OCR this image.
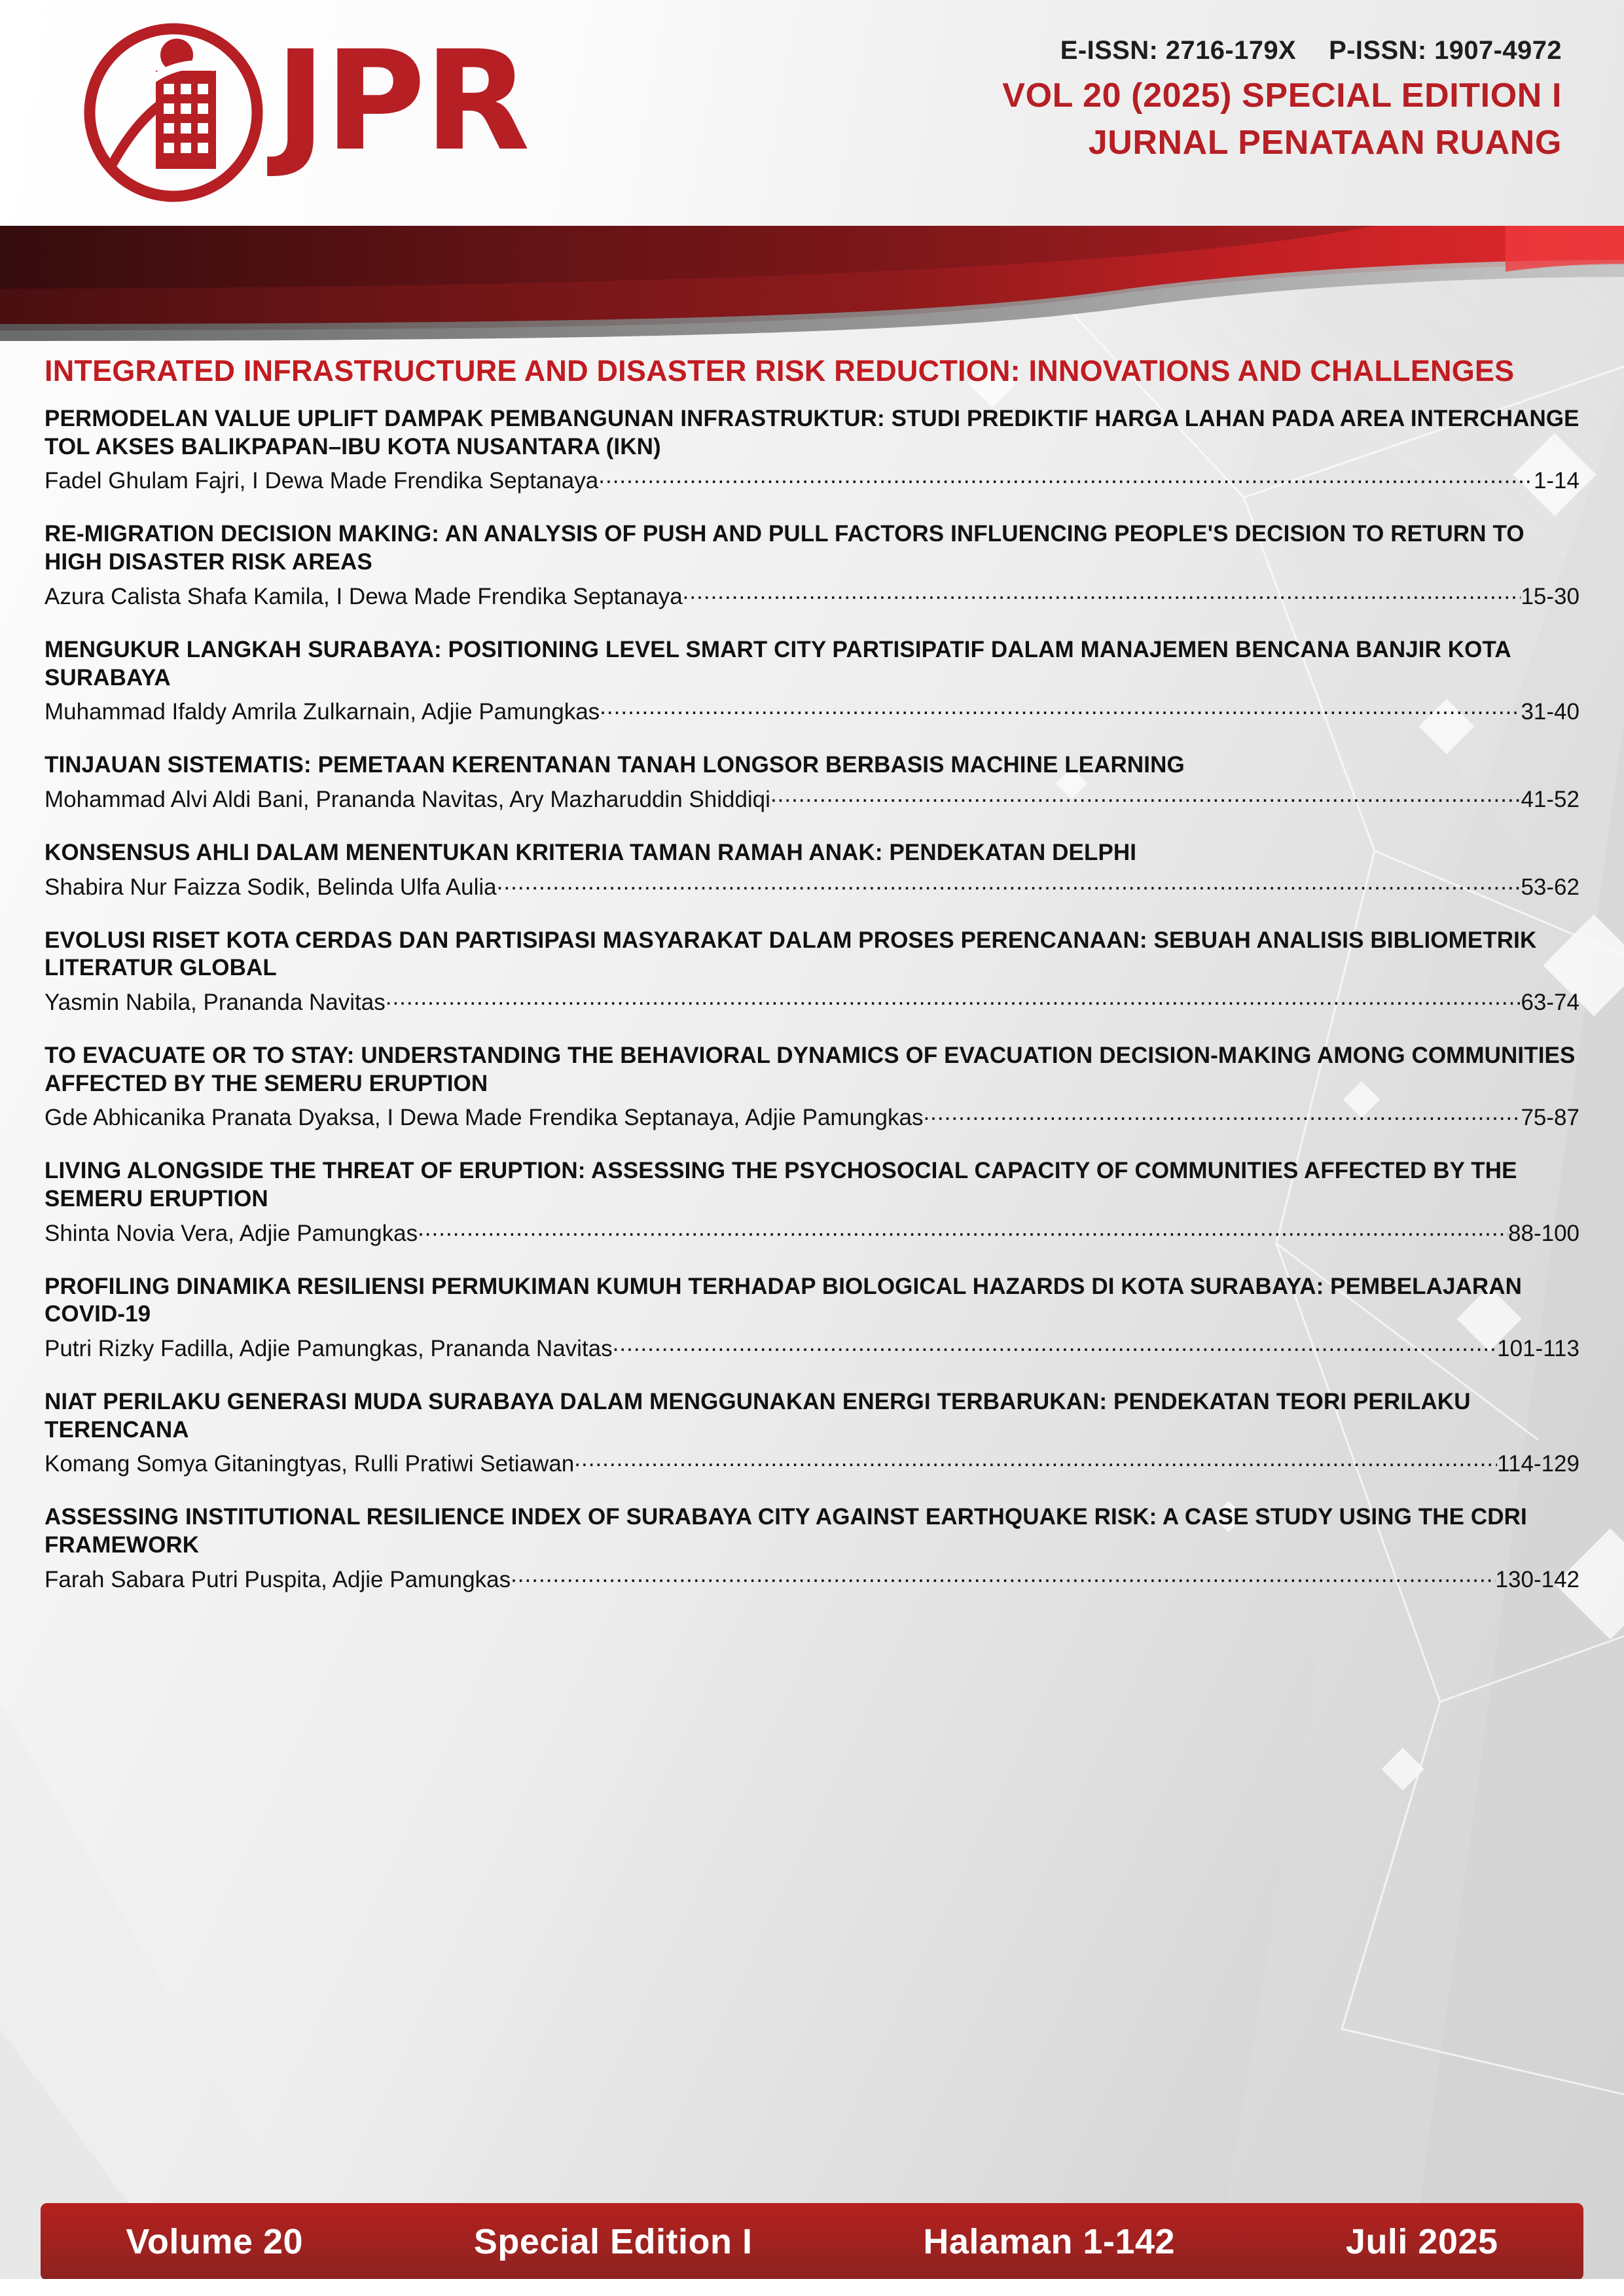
JPR	E-ISSN: 2716-179X P-ISSN: 1907-4972
VOL 20 (2025) SPECIAL EDITION I
JURNAL PENATAAN RUANG
INTEGRATED INFRASTRUCTURE AND DISASTER RISK REDUCTION: INNOVATIONS AND CHALLENGES
PERMODELAN VALUE UPLIFT DAMPAK PEMBANGUNAN INFRASTRUKTUR: STUDI PREDIKTIF HARGA LAHAN PADA AREA INTERCHANGE TOL AKSES BALIKPAPAN–IBU KOTA NUSANTARA (IKN)
Fadel Ghulam Fajri, I Dewa Made Frendika Septanaya .....	1-14
RE-MIGRATION DECISION MAKING: AN ANALYSIS OF PUSH AND PULL FACTORS INFLUENCING PEOPLE'S DECISION TO RETURN TO HIGH DISASTER RISK AREAS
Azura Calista Shafa Kamila, I Dewa Made Frendika Septanaya .....	15-30
MENGUKUR LANGKAH SURABAYA: POSITIONING LEVEL SMART CITY PARTISIPATIF DALAM MANAJEMEN BENCANA BANJIR KOTA SURABAYA
Muhammad Ifaldy Amrila Zulkarnain, Adjie Pamungkas .....	31-40
TINJAUAN SISTEMATIS: PEMETAAN KERENTANAN TANAH LONGSOR BERBASIS MACHINE LEARNING
Mohammad Alvi Aldi Bani, Prananda Navitas, Ary Mazharuddin Shiddiqi .....	41-52
KONSENSUS AHLI DALAM MENENTUKAN KRITERIA TAMAN RAMAH ANAK: PENDEKATAN DELPHI
Shabira Nur Faizza Sodik, Belinda Ulfa Aulia .....	53-62
EVOLUSI RISET KOTA CERDAS DAN PARTISIPASI MASYARAKAT DALAM PROSES PERENCANAAN: SEBUAH ANALISIS BIBLIOMETRIK LITERATUR GLOBAL
Yasmin Nabila, Prananda Navitas .....	63-74
TO EVACUATE OR TO STAY: UNDERSTANDING THE BEHAVIORAL DYNAMICS OF EVACUATION DECISION-MAKING AMONG COMMUNITIES AFFECTED BY THE SEMERU ERUPTION
Gde Abhicanika Pranata Dyaksa, I Dewa Made Frendika Septanaya, Adjie Pamungkas .....	75-87
LIVING ALONGSIDE THE THREAT OF ERUPTION: ASSESSING THE PSYCHOSOCIAL CAPACITY OF COMMUNITIES AFFECTED BY THE SEMERU ERUPTION
Shinta Novia Vera, Adjie Pamungkas .....	88-100
PROFILING DINAMIKA RESILIENSI PERMUKIMAN KUMUH TERHADAP BIOLOGICAL HAZARDS DI KOTA SURABAYA: PEMBELAJARAN COVID-19
Putri Rizky Fadilla, Adjie Pamungkas, Prananda Navitas .....	101-113
NIAT PERILAKU GENERASI MUDA SURABAYA DALAM MENGGUNAKAN ENERGI TERBARUKAN: PENDEKATAN TEORI PERILAKU TERENCANA
Komang Somya Gitaningtyas, Rulli Pratiwi Setiawan .....	114-129
ASSESSING INSTITUTIONAL RESILIENCE INDEX OF SURABAYA CITY AGAINST EARTHQUAKE RISK: A CASE STUDY USING THE CDRI FRAMEWORK
Farah Sabara Putri Puspita, Adjie Pamungkas .....	130-142
Volume 20	Special Edition I	Halaman 1-142	Juli 2025
